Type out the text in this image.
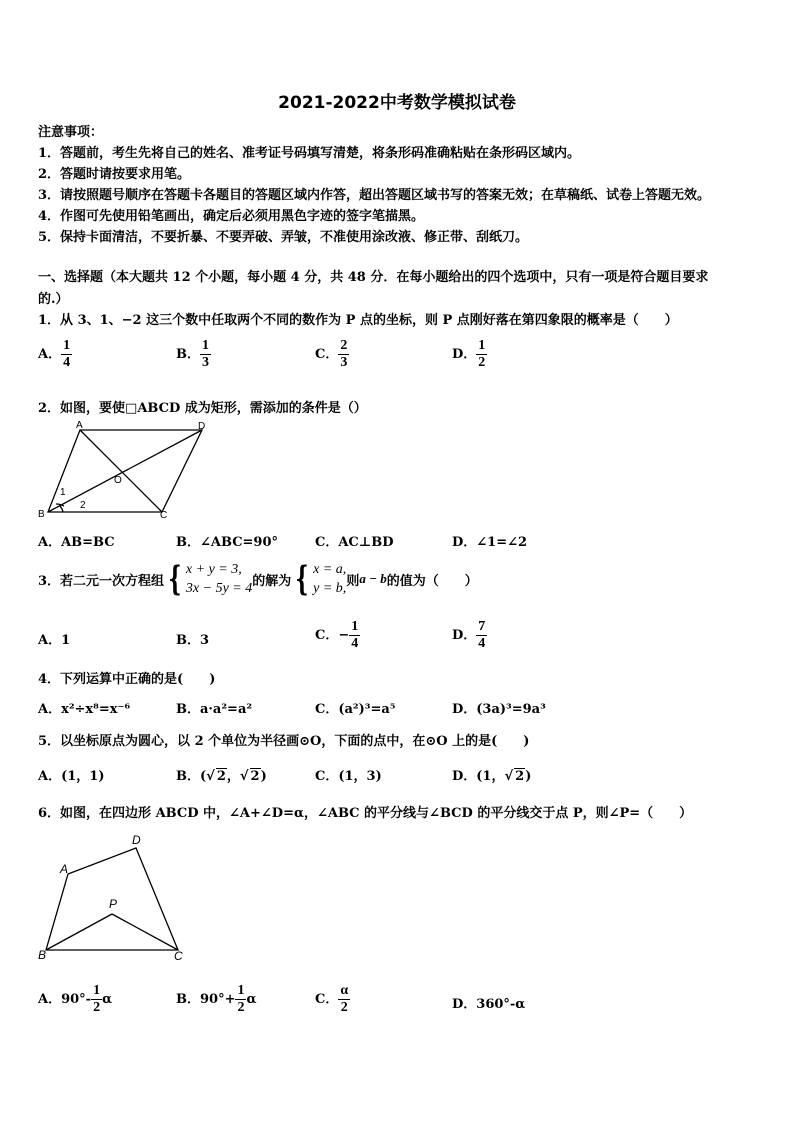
2021-2022中考数学模拟试卷
注意事项：
1．答题前，考生先将自己的姓名、准考证号码填写清楚，将条形码准确粘贴在条形码区域内。
2．答题时请按要求用笔。
3．请按照题号顺序在答题卡各题目的答题区域内作答，超出答题区域书写的答案无效；在草稿纸、试卷上答题无效。
4．作图可先使用铅笔画出，确定后必须用黑色字迹的签字笔描黑。
5．保持卡面清洁，不要折暴、不要弄破、弄皱，不准使用涂改液、修正带、刮纸刀。
一、选择题（本大题共 12 个小题，每小题 4 分，共 48 分．在每小题给出的四个选项中，只有一项是符合题目要求
的.）
1．从 3、1、−2 这三个数中任取两个不同的数作为 P 点的坐标，则 P 点刚好落在第四象限的概率是（　　）
A． $\frac{1}{4}$	B． $\frac{1}{3}$	C． $\frac{2}{3}$	D． $\frac{1}{2}$
2．如图，要使□ABCD 成为矩形，需添加的条件是（）
A	D
B	C
O
1
2
A．AB=BC	B．∠ABC=90°	C．AC⊥BD	D．∠1=∠2
3．若二元一次方程组 { x + y = 3,
3x − 5y = 4 的解为 { x = a,
y = b, 则 a − b 的值为（　　）
A．1	B．3	C．− $\frac{1}{4}$	D． $\frac{7}{4}$
4．下列运算中正确的是(　　)
A．x²÷x⁸=x⁻⁶	B．a·a²=a²	C．(a²)³=a⁵	D．(3a)³=9a³
5．以坐标原点为圆心，以 2 个单位为半径画⊙O，下面的点中，在⊙O 上的是(　　)
A．(1，1)	B．(√ 2，√ 2)	C．(1，3)	D．(1，√ 2)
6．如图，在四边形 ABCD 中，∠A+∠D=α，∠ABC 的平分线与∠BCD 的平分线交于点 P，则∠P=（　　）
A
D
B	C
P
A．$90^\circ- \frac{1}{2}$ α	B．$90^\circ+ \frac{1}{2}$ α	C． $\frac{\alpha}{2}$	D．360°-α
